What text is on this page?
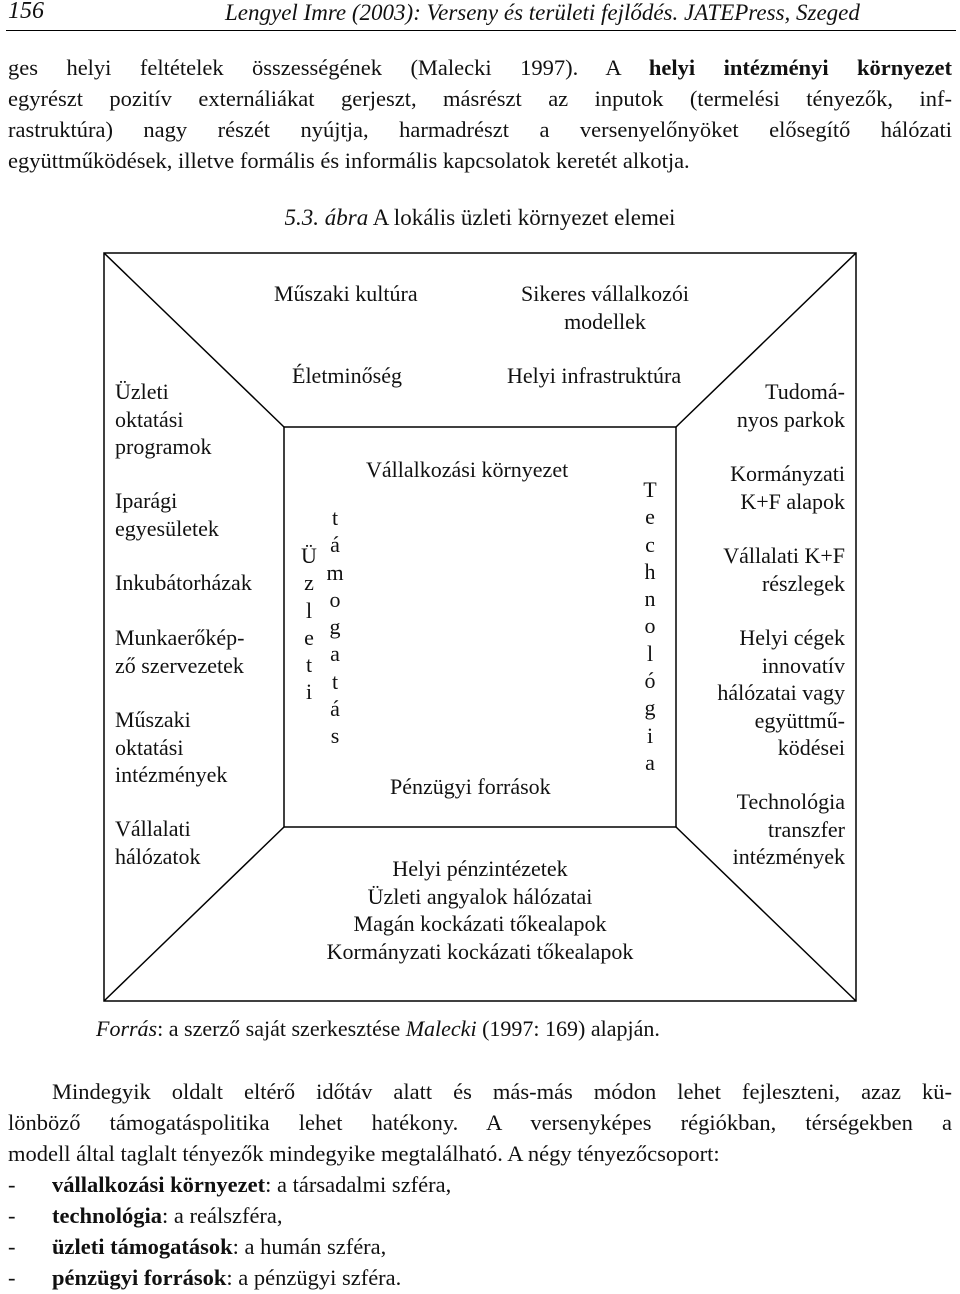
156	Lengyel Imre (2003): Verseny és területi fejlődés. JATEPress, Szeged
ges helyi feltételek összességének (Malecki 1997). A helyi intézményi környezet
egyrészt pozitív externáliákat gerjeszt, másrészt az inputok (termelési tényezők, inf-
rastruktúra) nagy részét nyújtja, harmadrészt a versenyelőnyöket elősegítő hálózati
együttműködések, illetve formális és informális kapcsolatok keretét alkotja.
5.3. ábra A lokális üzleti környezet elemei
Műszaki kultúra	Sikeres vállalkozói
modellek
Életminőség	Helyi infrastruktúra
Üzleti
oktatási
programok
Iparági
egyesületek
Inkubátorházak
Munkaerőkép-
ző szervezetek
Műszaki
oktatási
intézmények
Vállalati
hálózatok
Tudomá-
nyos parkok
Kormányzati
K+F alapok
Vállalati K+F
részlegek
Helyi cégek
innovatív
hálózatai vagy
együttmű-
ködései
Technológia
transzfer
intézmények
Helyi pénzintézetek
Üzleti angyalok hálózatai
Magán kockázati tőkealapok
Kormányzati kockázati tőkealapok
Vállalkozási környezet
Pénzügyi források
Ü
z
l
e
t
i
t
á
m
o
g
a
t
á
s
T
e
c
h
n
o
l
ó
g
i
a
Forrás: a szerző saját szerkesztése Malecki (1997: 169) alapján.
Mindegyik oldalt eltérő időtáv alatt és más-más módon lehet fejleszteni, azaz kü-
lönböző támogatáspolitika lehet hatékony. A versenyképes régiókban, térségekben a
modell által taglalt tényezők mindegyike megtalálható. A négy tényezőcsoport:
- vállalkozási környezet: a társadalmi szféra,
- technológia: a reálszféra,
- üzleti támogatások: a humán szféra,
- pénzügyi források: a pénzügyi szféra.
